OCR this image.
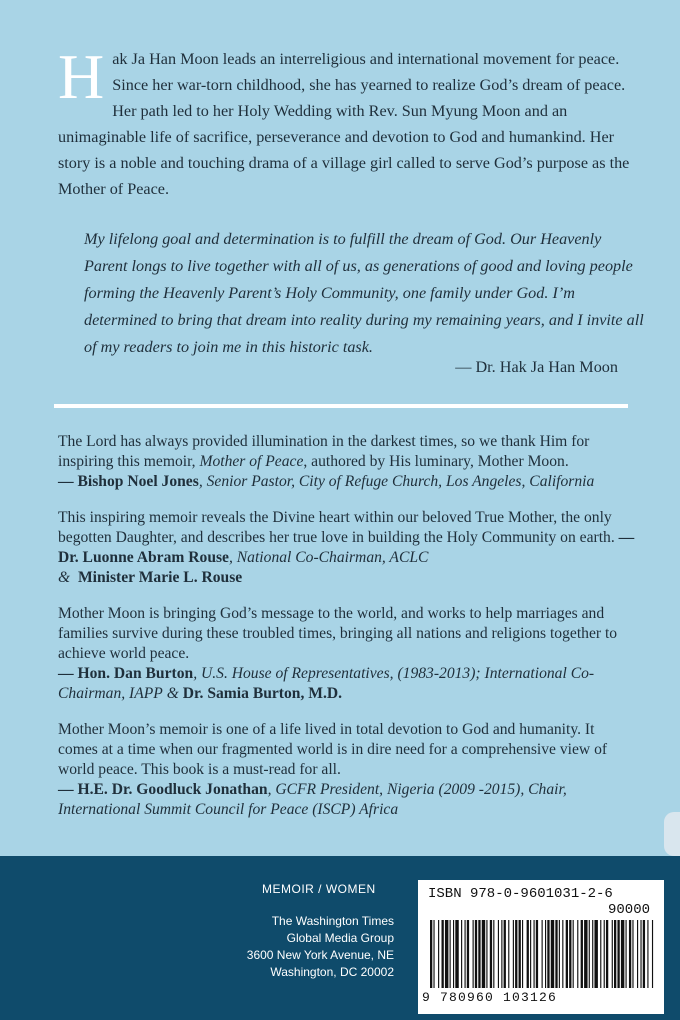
H ak Ja Han Moon leads an interreligious and international movement for peace. Since her war-torn childhood, she has yearned to realize God’s dream of peace. Her path led to her Holy Wedding with Rev. Sun Myung Moon and an unimaginable life of sacrifice, perseverance and devotion to God and humankind. Her story is a noble and touching drama of a village girl called to serve God’s purpose as the Mother of Peace.

My lifelong goal and determination is to fulfill the dream of God. Our Heavenly Parent longs to live together with all of us, as generations of good and loving people forming the Heavenly Parent’s Holy Community, one family under God. I’m determined to bring that dream into reality during my remaining years, and I invite all of my readers to join me in this historic task.
— Dr. Hak Ja Han Moon
The Lord has always provided illumination in the darkest times, so we thank Him for inspiring this memoir, Mother of Peace, authored by His luminary, Mother Moon.
— Bishop Noel Jones, Senior Pastor, City of Refuge Church, Los Angeles, California
This inspiring memoir reveals the Divine heart within our beloved True Mother, the only begotten Daughter, and describes her true love in building the Holy Community on earth. — Dr. Luonne Abram Rouse, National Co-Chairman, ACLC
& Minister Marie L. Rouse
Mother Moon is bringing God’s message to the world, and works to help marriages and families survive during these troubled times, bringing all nations and religions together to achieve world peace.
— Hon. Dan Burton, U.S. House of Representatives, (1983-2013); International Co-Chairman, IAPP & Dr. Samia Burton, M.D.
Mother Moon’s memoir is one of a life lived in total devotion to God and humanity. It comes at a time when our fragmented world is in dire need for a comprehensive view of world peace. This book is a must-read for all.
— H.E. Dr. Goodluck Jonathan, GCFR President, Nigeria (2009 -2015), Chair, International Summit Council for Peace (ISCP) Africa
MEMOIR / WOMEN
The Washington Times
Global Media Group
3600 New York Avenue, NE
Washington, DC 20002
ISBN 978-0-9601031-2-6
90000
9 780960 103126
